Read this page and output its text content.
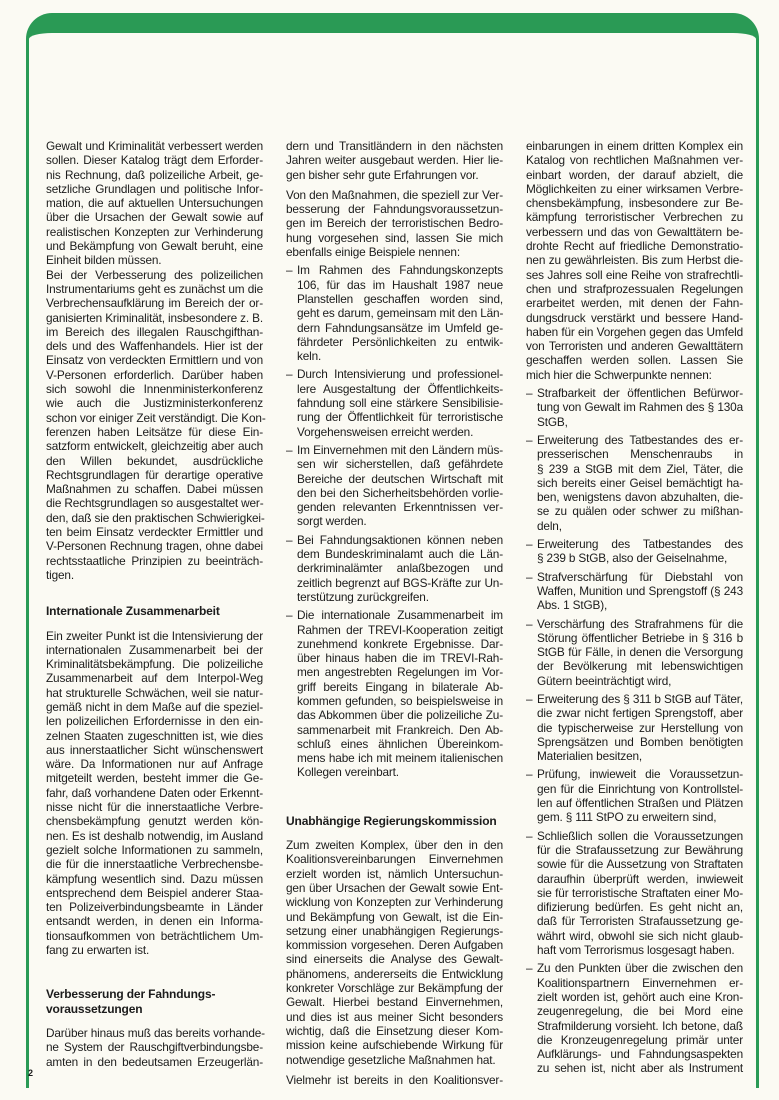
Gewalt und Kriminalität verbessert werden
sollen. Dieser Katalog trägt dem Erforder-
nis Rechnung, daß polizeiliche Arbeit, ge-
setzliche Grundlagen und politische Infor-
mation, die auf aktuellen Untersuchungen
über die Ursachen der Gewalt sowie auf
realistischen Konzepten zur Verhinderung
und Bekämpfung von Gewalt beruht, eine
Einheit bilden müssen.
Bei der Verbesserung des polizeilichen
Instrumentariums geht es zunächst um die
Verbrechensaufklärung im Bereich der or-
ganisierten Kriminalität, insbesondere z. B.
im Bereich des illegalen Rauschgifthan-
dels und des Waffenhandels. Hier ist der
Einsatz von verdeckten Ermittlern und von
V-Personen erforderlich. Darüber haben
sich sowohl die Innenministerkonferenz
wie auch die Justizministerkonferenz
schon vor einiger Zeit verständigt. Die Kon-
ferenzen haben Leitsätze für diese Ein-
satzform entwickelt, gleichzeitig aber auch
den Willen bekundet, ausdrückliche
Rechtsgrundlagen für derartige operative
Maßnahmen zu schaffen. Dabei müssen
die Rechtsgrundlagen so ausgestaltet wer-
den, daß sie den praktischen Schwierigkei-
ten beim Einsatz verdeckter Ermittler und
V-Personen Rechnung tragen, ohne dabei
rechtsstaatliche Prinzipien zu beeinträch-
tigen.
Internationale Zusammenarbeit
Ein zweiter Punkt ist die Intensivierung der
internationalen Zusammenarbeit bei der
Kriminalitätsbekämpfung. Die polizeiliche
Zusammenarbeit auf dem Interpol-Weg
hat strukturelle Schwächen, weil sie natur-
gemäß nicht in dem Maße auf die speziel-
len polizeilichen Erfordernisse in den ein-
zelnen Staaten zugeschnitten ist, wie dies
aus innerstaatlicher Sicht wünschenswert
wäre. Da Informationen nur auf Anfrage
mitgeteilt werden, besteht immer die Ge-
fahr, daß vorhandene Daten oder Erkennt-
nisse nicht für die innerstaatliche Verbre-
chensbekämpfung genutzt werden kön-
nen. Es ist deshalb notwendig, im Ausland
gezielt solche Informationen zu sammeln,
die für die innerstaatliche Verbrechensbe-
kämpfung wesentlich sind. Dazu müssen
entsprechend dem Beispiel anderer Staa-
ten Polizeiverbindungsbeamte in Länder
entsandt werden, in denen ein Informa-
tionsaufkommen von beträchtlichem Um-
fang zu erwarten ist.
Verbesserung der Fahndungs-
voraussetzungen
Darüber hinaus muß das bereits vorhande-
ne System der Rauschgiftverbindungsbe-
amten in den bedeutsamen Erzeugerlän-
dern und Transitländern in den nächsten
Jahren weiter ausgebaut werden. Hier lie-
gen bisher sehr gute Erfahrungen vor.
Von den Maßnahmen, die speziell zur Ver-
besserung der Fahndungsvoraussetzun-
gen im Bereich der terroristischen Bedro-
hung vorgesehen sind, lassen Sie mich
ebenfalls einige Beispiele nennen:
– Im Rahmen des Fahndungskonzepts
106, für das im Haushalt 1987 neue
Planstellen geschaffen worden sind,
geht es darum, gemeinsam mit den Län-
dern Fahndungsansätze im Umfeld ge-
fährdeter Persönlichkeiten zu entwik-
keln.
– Durch Intensivierung und professionel-
lere Ausgestaltung der Öffentlichkeits-
fahndung soll eine stärkere Sensibilisie-
rung der Öffentlichkeit für terroristische
Vorgehensweisen erreicht werden.
– Im Einvernehmen mit den Ländern müs-
sen wir sicherstellen, daß gefährdete
Bereiche der deutschen Wirtschaft mit
den bei den Sicherheitsbehörden vorlie-
genden relevanten Erkenntnissen ver-
sorgt werden.
– Bei Fahndungsaktionen können neben
dem Bundeskriminalamt auch die Län-
derkriminalämter anlaßbezogen und
zeitlich begrenzt auf BGS-Kräfte zur Un-
terstützung zurückgreifen.
– Die internationale Zusammenarbeit im
Rahmen der TREVI-Kooperation zeitigt
zunehmend konkrete Ergebnisse. Dar-
über hinaus haben die im TREVI-Rah-
men angestrebten Regelungen im Vor-
griff bereits Eingang in bilaterale Ab-
kommen gefunden, so beispielsweise in
das Abkommen über die polizeiliche Zu-
sammenarbeit mit Frankreich. Den Ab-
schluß eines ähnlichen Übereinkom-
mens habe ich mit meinem italienischen
Kollegen vereinbart.
Unabhängige Regierungskommission
Zum zweiten Komplex, über den in den
Koalitionsvereinbarungen Einvernehmen
erzielt worden ist, nämlich Untersuchun-
gen über Ursachen der Gewalt sowie Ent-
wicklung von Konzepten zur Verhinderung
und Bekämpfung von Gewalt, ist die Ein-
setzung einer unabhängigen Regierungs-
kommission vorgesehen. Deren Aufgaben
sind einerseits die Analyse des Gewalt-
phänomens, andererseits die Entwicklung
konkreter Vorschläge zur Bekämpfung der
Gewalt. Hierbei bestand Einvernehmen,
und dies ist aus meiner Sicht besonders
wichtig, daß die Einsetzung dieser Kom-
mission keine aufschiebende Wirkung für
notwendige gesetzliche Maßnahmen hat.
Vielmehr ist bereits in den Koalitionsver-
einbarungen in einem dritten Komplex ein
Katalog von rechtlichen Maßnahmen ver-
einbart worden, der darauf abzielt, die
Möglichkeiten zu einer wirksamen Verbre-
chensbekämpfung, insbesondere zur Be-
kämpfung terroristischer Verbrechen zu
verbessern und das von Gewalttätern be-
drohte Recht auf friedliche Demonstratio-
nen zu gewährleisten. Bis zum Herbst die-
ses Jahres soll eine Reihe von strafrechtli-
chen und strafprozessualen Regelungen
erarbeitet werden, mit denen der Fahn-
dungsdruck verstärkt und bessere Hand-
haben für ein Vorgehen gegen das Umfeld
von Terroristen und anderen Gewalttätern
geschaffen werden sollen. Lassen Sie
mich hier die Schwerpunkte nennen:
– Strafbarkeit der öffentlichen Befürwor-
tung von Gewalt im Rahmen des § 130a
StGB,
– Erweiterung des Tatbestandes des er-
presserischen Menschenraubs in
§ 239 a StGB mit dem Ziel, Täter, die
sich bereits einer Geisel bemächtigt ha-
ben, wenigstens davon abzuhalten, die-
se zu quälen oder schwer zu mißhan-
deln,
– Erweiterung des Tatbestandes des
§ 239 b StGB, also der Geiselnahme,
– Strafverschärfung für Diebstahl von
Waffen, Munition und Sprengstoff (§ 243
Abs. 1 StGB),
– Verschärfung des Strafrahmens für die
Störung öffentlicher Betriebe in § 316 b
StGB für Fälle, in denen die Versorgung
der Bevölkerung mit lebenswichtigen
Gütern beeinträchtigt wird,
– Erweiterung des § 311 b StGB auf Täter,
die zwar nicht fertigen Sprengstoff, aber
die typischerweise zur Herstellung von
Sprengsätzen und Bomben benötigten
Materialien besitzen,
– Prüfung, inwieweit die Voraussetzun-
gen für die Einrichtung von Kontrollstel-
len auf öffentlichen Straßen und Plätzen
gem. § 111 StPO zu erweitern sind,
– Schließlich sollen die Voraussetzungen
für die Strafaussetzung zur Bewährung
sowie für die Aussetzung von Straftaten
daraufhin überprüft werden, inwieweit
sie für terroristische Straftaten einer Mo-
difizierung bedürfen. Es geht nicht an,
daß für Terroristen Strafaussetzung ge-
währt wird, obwohl sie sich nicht glaub-
haft vom Terrorismus losgesagt haben.
– Zu den Punkten über die zwischen den
Koalitionspartnern Einvernehmen er-
zielt worden ist, gehört auch eine Kron-
zeugenregelung, die bei Mord eine
Strafmilderung vorsieht. Ich betone, daß
die Kronzeugenregelung primär unter
Aufklärungs- und Fahndungsaspekten
zu sehen ist, nicht aber als Instrument
2
